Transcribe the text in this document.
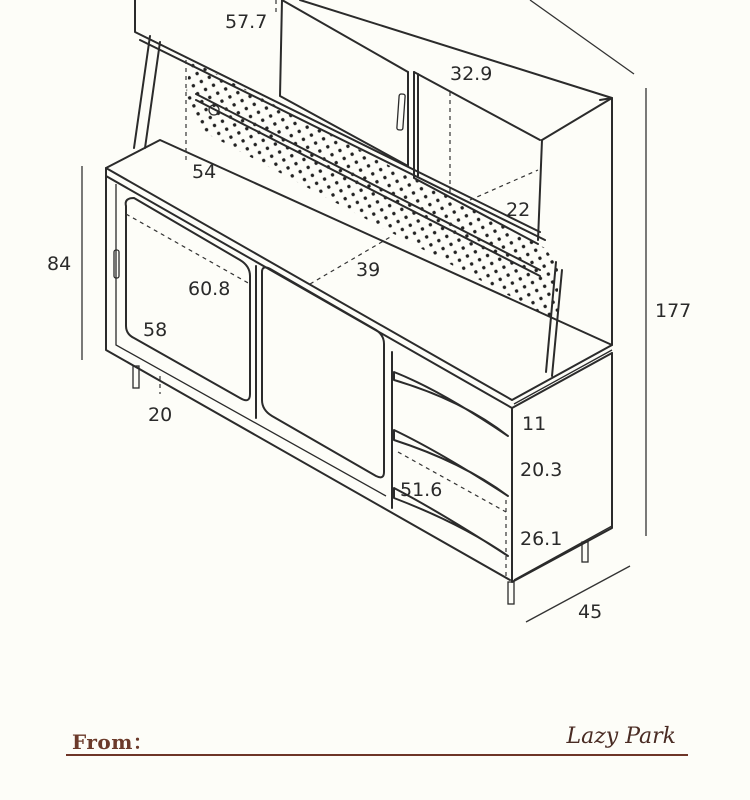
57.7
32.9
54
22
84	39
60.8
58
20
177
11
20.3
51.6
26.1
45
From：	Lazy Park
